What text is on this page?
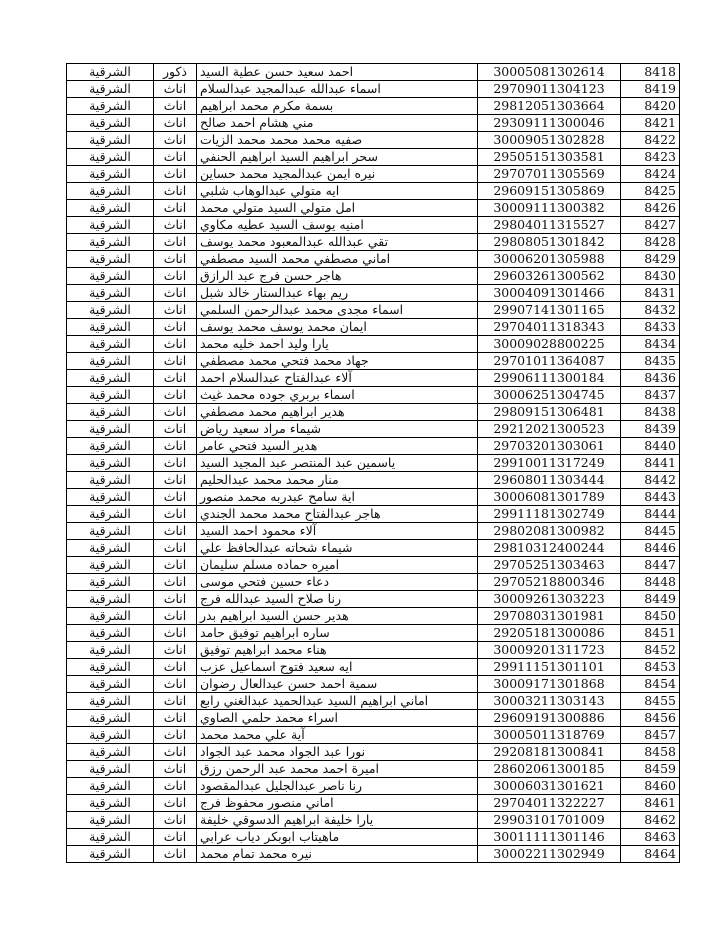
الشرقية	ذكور	احمد سعيد حسن عطية السيد	30005081302614	8418
الشرقية	اناث	اسماء عبدالله عبدالمجيد عبدالسلام	29709011304123	8419
الشرقية	اناث	بسمة مكرم محمد ابراهيم	29812051303664	8420
الشرقية	اناث	مني هشام احمد صالح	29309111300046	8421
الشرقية	اناث	صفيه محمد محمد محمد الزيات	30009051302828	8422
الشرقية	اناث	سحر ابراهيم السيد ابراهيم الحنفي	29505151303581	8423
الشرقية	اناث	نيره ايمن عبدالمجيد محمد حساين	29707011305569	8424
الشرقية	اناث	ايه متولي عبدالوهاب شلبي	29609151305869	8425
الشرقية	اناث	امل متولي السيد متولي محمد	30009111300382	8426
الشرقية	اناث	امنيه يوسف السيد عطيه مكاوي	29804011315527	8427
الشرقية	اناث	تقي عبدالله عبدالمعبود محمد يوسف	29808051301842	8428
الشرقية	اناث	اماني مصطفي محمد السيد مصطفي	30006201305988	8429
الشرقية	اناث	هاجر حسن فرج عبد الرازق	29603261300562	8430
الشرقية	اناث	ريم بهاء عبدالستار خالد شبل	30004091301466	8431
الشرقية	اناث	اسماء مجدى محمد عبدالرحمن السلمي	29907141301165	8432
الشرقية	اناث	ايمان محمد يوسف محمد يوسف	29704011318343	8433
الشرقية	اناث	يارا وليد احمد خليه محمد	30009028800225	8434
الشرقية	اناث	جهاد محمد فتحي محمد مصطفي	29701011364087	8435
الشرقية	اناث	آلاء عبدالفتاح عبدالسلام احمد	29906111300184	8436
الشرقية	اناث	اسماء بربري جوده محمد غيث	30006251304745	8437
الشرقية	اناث	هدير ابراهيم محمد مصطفي	29809151306481	8438
الشرقية	اناث	شيماء مراد سعيد رياض	29212021300523	8439
الشرقية	اناث	هدير السيد فتحي عامر	29703201303061	8440
الشرقية	اناث	ياسمين عبد المنتصر عبد المجيد السيد	29910011317249	8441
الشرقية	اناث	منار محمد محمد عبدالحليم	29608011303444	8442
الشرقية	اناث	اية سامح عبدربه محمد منصور	30006081301789	8443
الشرقية	اناث	هاجر عبدالفتاح محمد محمد الجندي	29911181302749	8444
الشرقية	اناث	آلاء محمود احمد السيد	29802081300982	8445
الشرقية	اناث	شيماء شحاته عبدالحافظ علي	29810312400244	8446
الشرقية	اناث	اميره حماده مسلم سليمان	29705251303463	8447
الشرقية	اناث	دعاء حسين فتحي موسى	29705218800346	8448
الشرقية	اناث	رنا صلاح السيد عبدالله فرج	30009261303223	8449
الشرقية	اناث	هدير حسن السيد ابراهيم بدر	29708031301981	8450
الشرقية	اناث	ساره ابراهيم توفيق حامد	29205181300086	8451
الشرقية	اناث	هناء محمد ابراهيم توفيق	30009201311723	8452
الشرقية	اناث	ايه سعيد فتوح اسماعيل عزب	29911151301101	8453
الشرقية	اناث	سمية احمد حسن عبدالعال رضوان	30009171301868	8454
الشرقية	اناث	اماني ابراهيم السيد عبدالحميد عبدالغني رابع	30003211303143	8455
الشرقية	اناث	اسراء محمد حلمي الصاوي	29609191300886	8456
الشرقية	اناث	آية علي محمد محمد	30005011318769	8457
الشرقية	اناث	نورا عبد الجواد محمد عبد الجواد	29208181300841	8458
الشرقية	اناث	اميرة احمد محمد عبد الرحمن رزق	28602061300185	8459
الشرقية	اناث	رنا ناصر عبدالجليل عبدالمقصود	30006031301621	8460
الشرقية	اناث	اماني منصور محفوظ فرج	29704011322227	8461
الشرقية	اناث	يارا خليفة ابراهيم الدسوقي خليفة	29903101701009	8462
الشرقية	اناث	ماهيتاب ابوبكر دياب عرابي	30011111301146	8463
الشرقية	اناث	نيره محمد تمام محمد	30002211302949	8464
